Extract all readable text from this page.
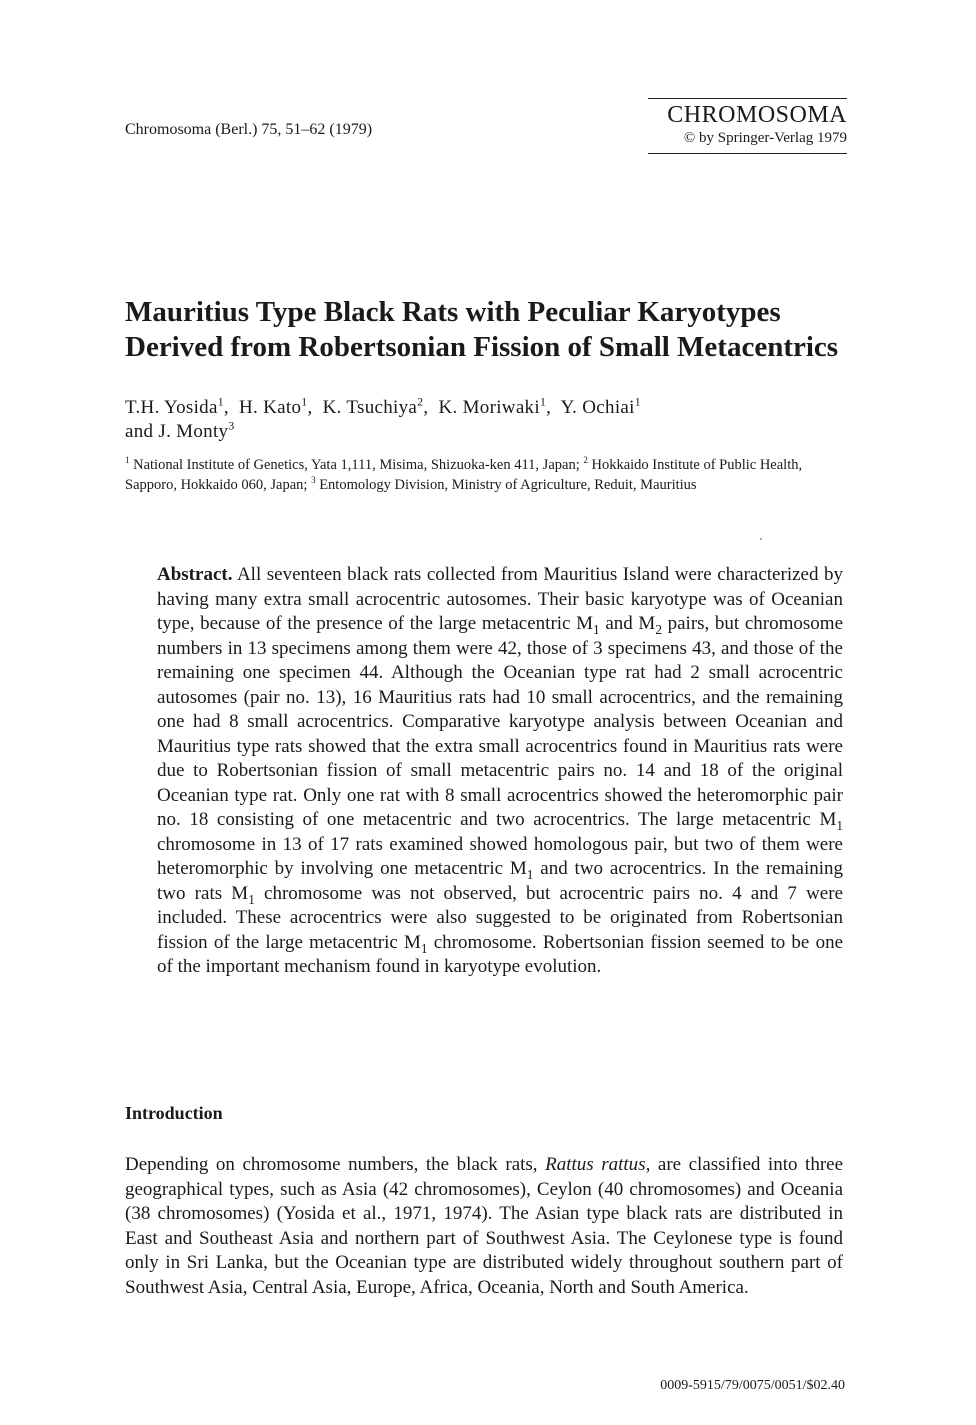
Chromosoma (Berl.) 75, 51–62 (1979)
CHROMOSOMA
© by Springer-Verlag 1979
Mauritius Type Black Rats with Peculiar Karyotypes
Derived from Robertsonian Fission of Small Metacentrics
T.H. Yosida$^1$,  H. Kato$^1$,  K. Tsuchiya$^2$,  K. Moriwaki$^1$,  Y. Ochiai$^1$
and J. Monty$^3$
$^1$ National Institute of Genetics, Yata 1,111, Misima, Shizuoka-ken 411, Japan; $^2$ Hokkaido Institute of Public Health, Sapporo, Hokkaido 060, Japan; $^3$ Entomology Division, Ministry of Agriculture, Reduit, Mauritius
Abstract. All seventeen black rats collected from Mauritius Island were characterized by having many extra small acrocentric autosomes. Their basic karyotype was of Oceanian type, because of the presence of the large metacentric $M_1$ and $M_2$ pairs, but chromosome numbers in 13 specimens among them were 42, those of 3 specimens 43, and those of the remaining one specimen 44. Although the Oceanian type rat had 2 small acrocentric autosomes (pair no. 13), 16 Mauritius rats had 10 small acrocentrics, and the remaining one had 8 small acrocentrics. Comparative karyotype analysis between Oceanian and Mauritius type rats showed that the extra small acrocentrics found in Mauritius rats were due to Robertsonian fission of small metacentric pairs no. 14 and 18 of the original Oceanian type rat. Only one rat with 8 small acrocentrics showed the heteromorphic pair no. 18 consisting of one metacentric and two acrocentrics. The large metacentric $M_1$ chromosome in 13 of 17 rats examined showed homologous pair, but two of them were heteromorphic by involving one metacentric $M_1$ and two acrocentrics. In the remaining two rats $M_1$ chromosome was not observed, but acrocentric pairs no. 4 and 7 were included. These acrocentrics were also suggested to be originated from Robertsonian fission of the large metacentric $M_1$ chromosome. Robertsonian fission seemed to be one of the important mechanism found in karyotype evolution.
Introduction
Depending on chromosome numbers, the black rats, Rattus rattus, are classified into three geographical types, such as Asia (42 chromosomes), Ceylon (40 chromosomes) and Oceania (38 chromosomes) (Yosida et al., 1971, 1974). The Asian type black rats are distributed in East and Southeast Asia and northern part of Southwest Asia. The Ceylonese type is found only in Sri Lanka, but the Oceanian type are distributed widely throughout southern part of Southwest Asia, Central Asia, Europe, Africa, Oceania, North and South America.
0009-5915/79/0075/0051/$02.40
